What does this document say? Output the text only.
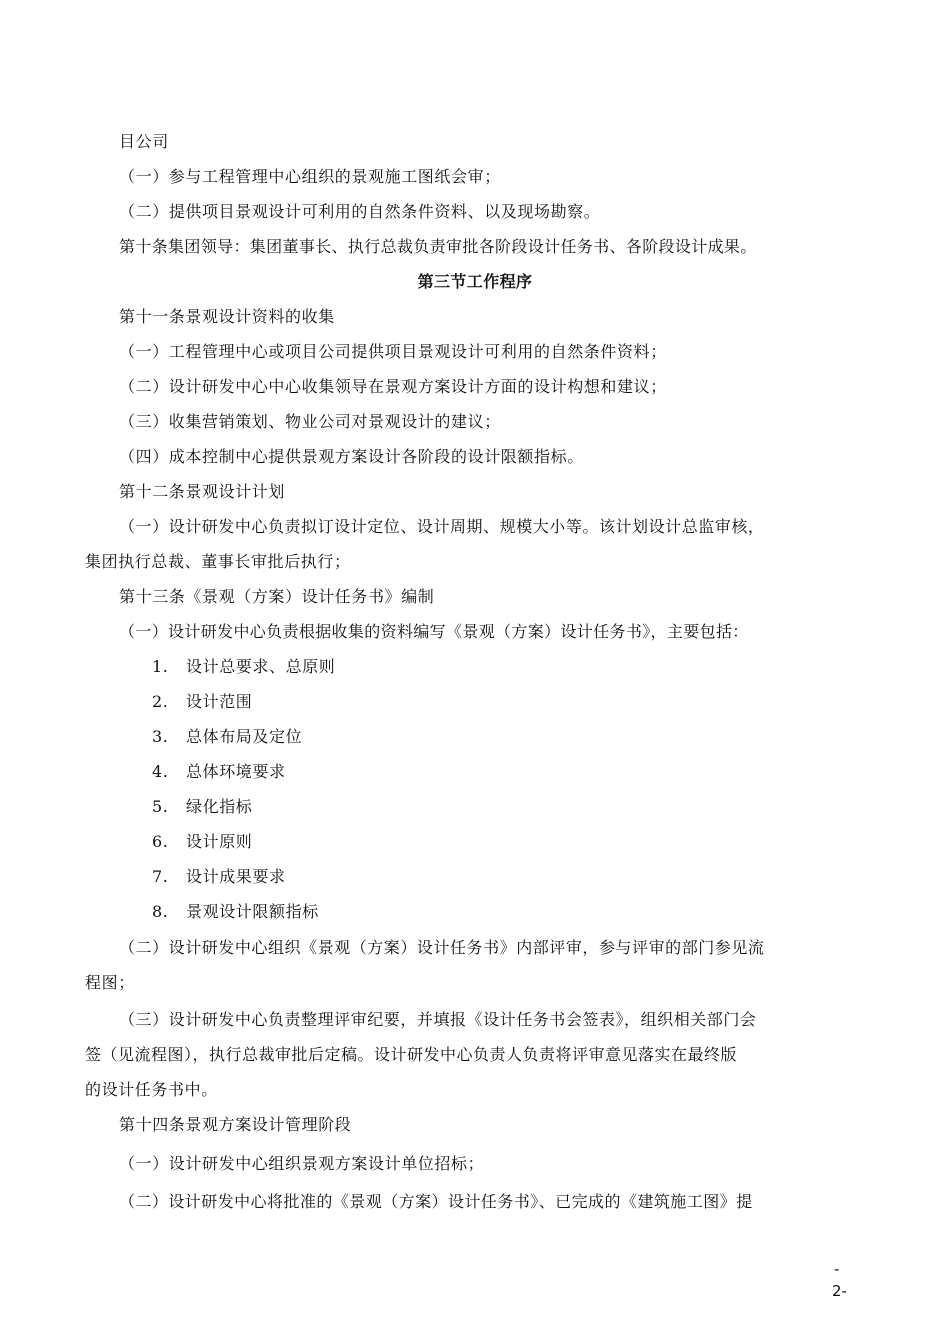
目公司
（一）参与工程管理中心组织的景观施工图纸会审；
（二）提供项目景观设计可利用的自然条件资料、以及现场勘察。
第十条集团领导：集团董事长、执行总裁负责审批各阶段设计任务书、各阶段设计成果。
第三节工作程序
第十一条景观设计资料的收集
（一）工程管理中心或项目公司提供项目景观设计可利用的自然条件资料；
（二）设计研发中心中心收集领导在景观方案设计方面的设计构想和建议；
（三）收集营销策划、物业公司对景观设计的建议；
（四）成本控制中心提供景观方案设计各阶段的设计限额指标。
第十二条景观设计计划
（一）设计研发中心负责拟订设计定位、设计周期、规模大小等。该计划设计总监审核，
集团执行总裁、董事长审批后执行；
第十三条《景观（方案）设计任务书》编制
（一）设计研发中心负责根据收集的资料编写《景观（方案）设计任务书》，主要包括：
1. 设计总要求、总原则
2. 设计范围
3. 总体布局及定位
4. 总体环境要求
5. 绿化指标
6. 设计原则
7. 设计成果要求
8. 景观设计限额指标
（二）设计研发中心组织《景观（方案）设计任务书》内部评审，参与评审的部门参见流
程图；
（三）设计研发中心负责整理评审纪要，并填报《设计任务书会签表》，组织相关部门会
签（见流程图），执行总裁审批后定稿。设计研发中心负责人负责将评审意见落实在最终版
的设计任务书中。
第十四条景观方案设计管理阶段
（一）设计研发中心组织景观方案设计单位招标；
（二）设计研发中心将批准的《景观（方案）设计任务书》、已完成的《建筑施工图》提
-
2-
